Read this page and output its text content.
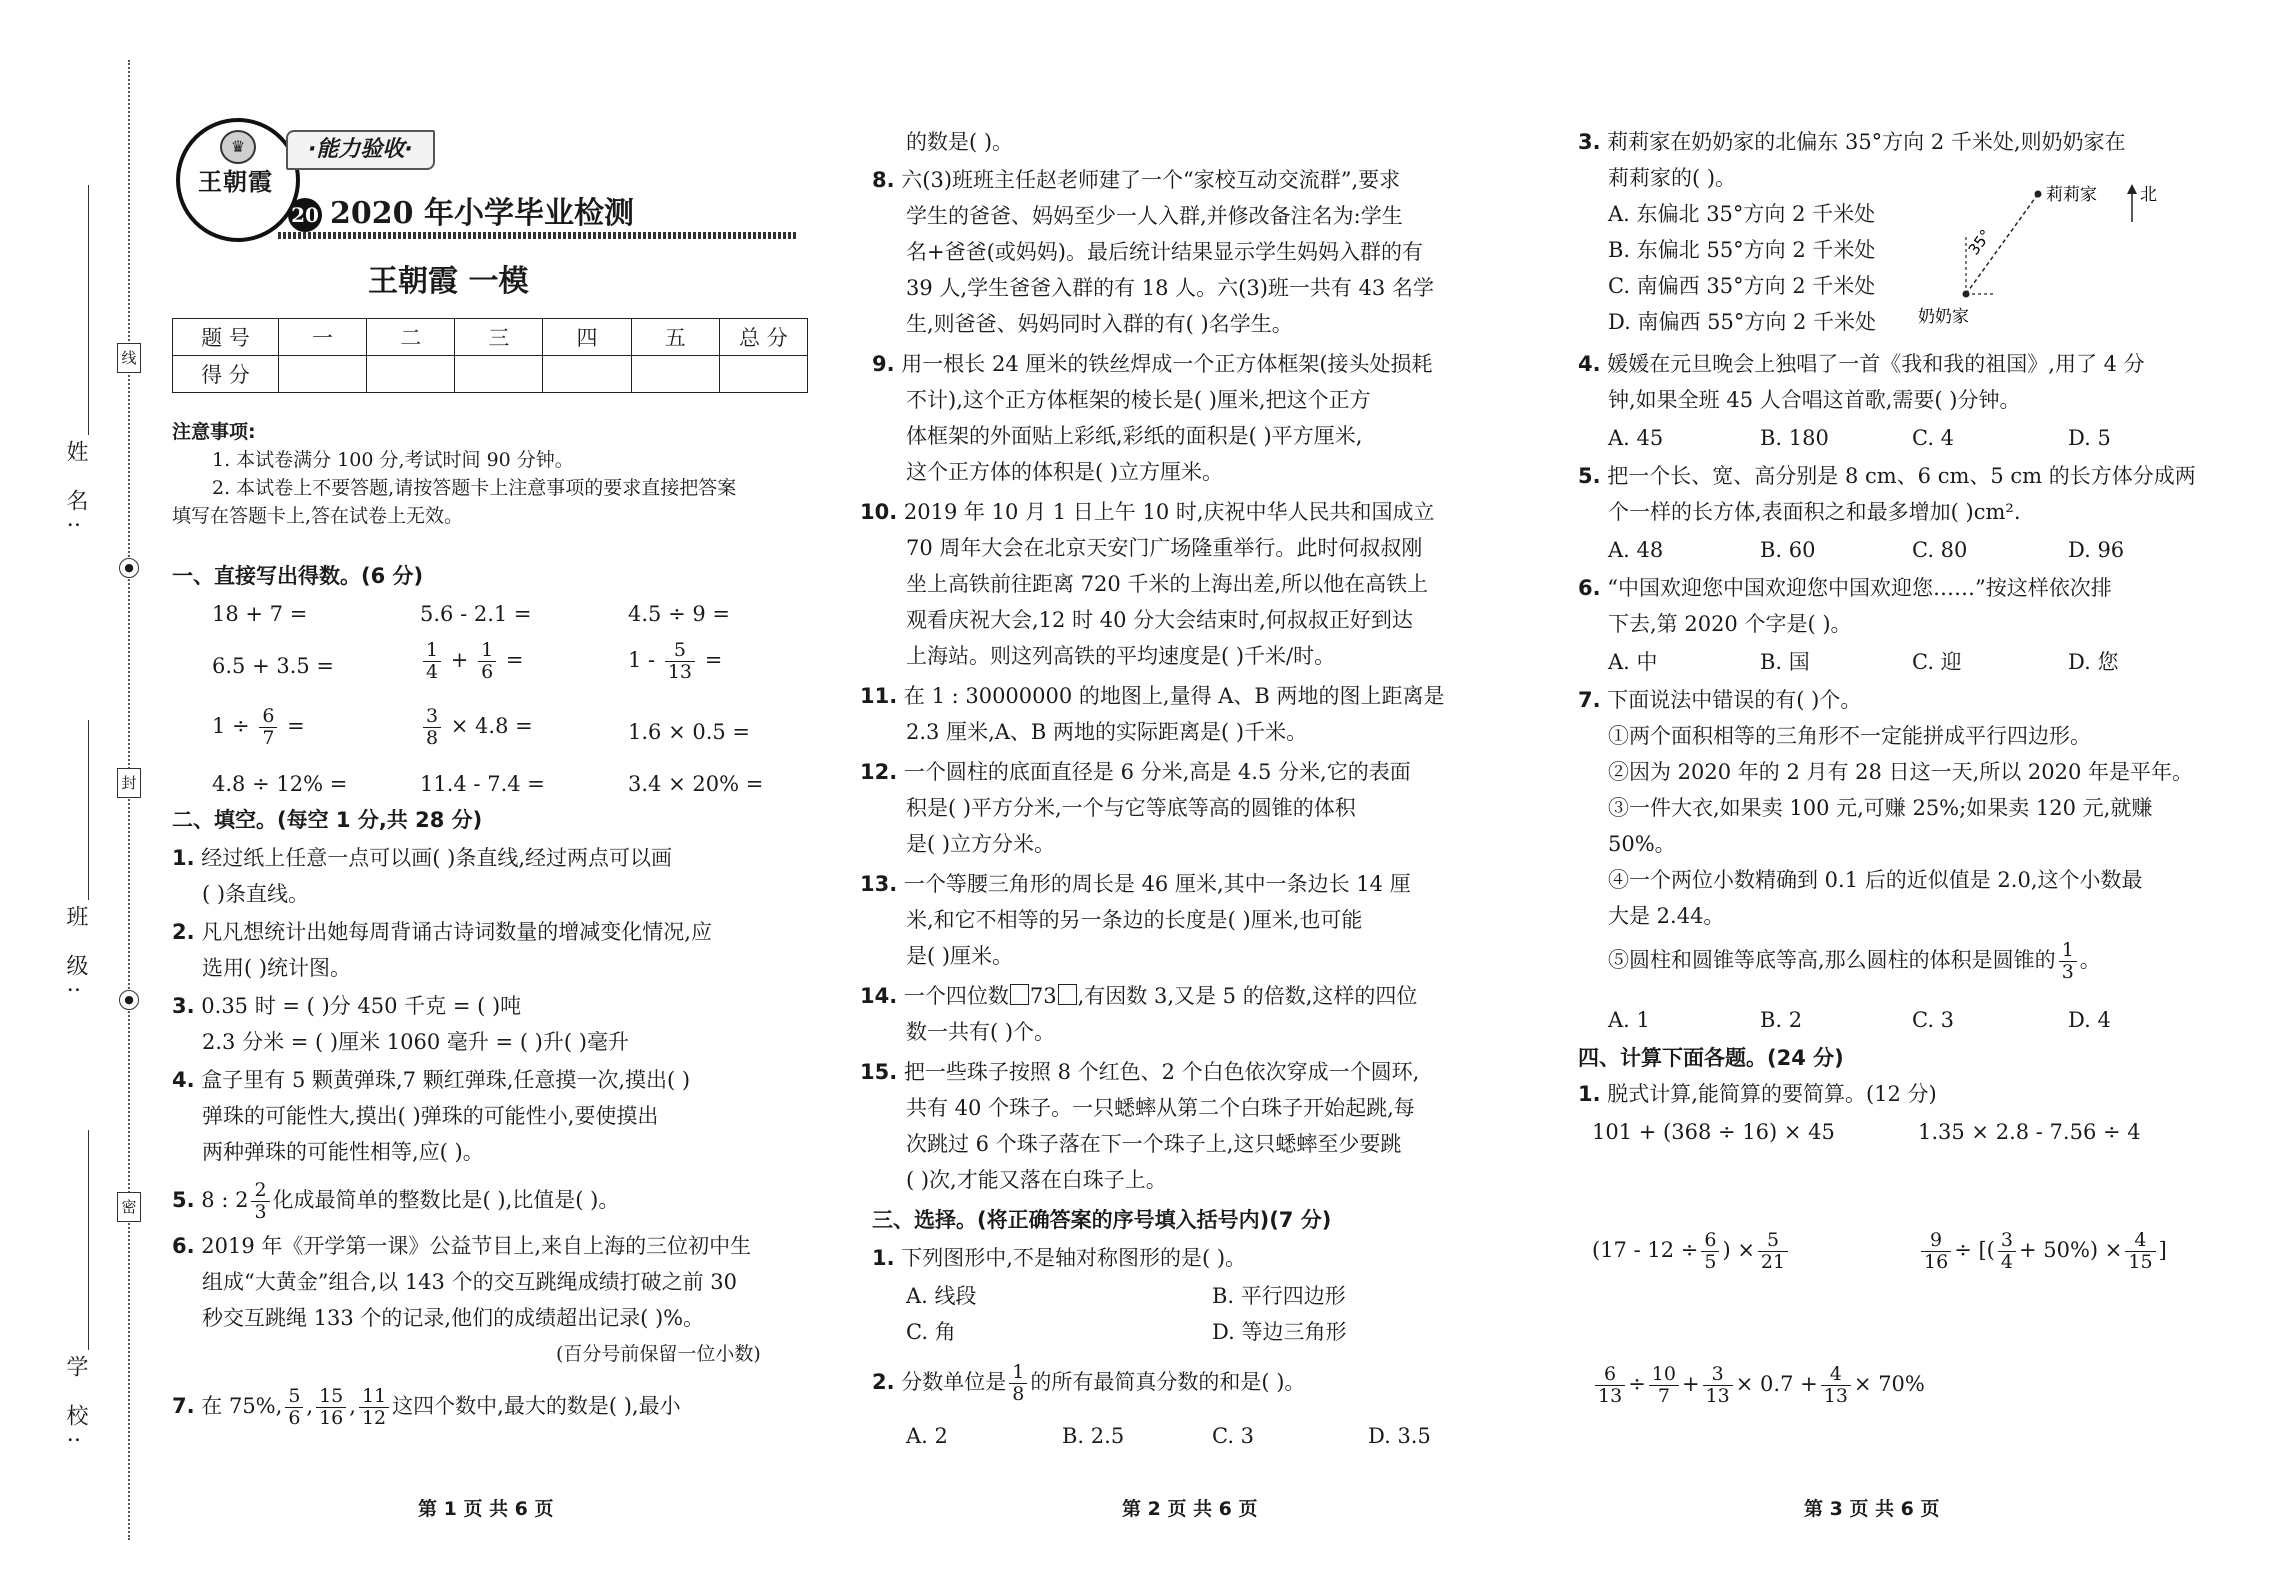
姓 名:
班 级:
学 校:
线
●
封
●
密
♛
王朝霞
·能力验收·
20 2020 年小学毕业检测
王朝霞 一模
题 号	一	二	三	四	五	总 分
得 分						
注意事项:
1. 本试卷满分 100 分,考试时间 90 分钟。
2. 本试卷上不要答题,请按答题卡上注意事项的要求直接把答案
填写在答题卡上,答在试卷上无效。
一、直接写出得数。(6 分)
18 + 7 =	5.6 - 2.1 =	4.5 ÷ 9 =
6.5 + 3.5 =	$\frac{1}{4} + \frac{1}{6}$ =	$1 - \frac{5}{13}$ =
$1 \div \frac{6}{7}$ =	$\frac{3}{8} \times 4.8$ =	1.6 × 0.5 =
4.8 ÷ 12% =	11.4 - 7.4 =	3.4 × 20% =
二、填空。(每空 1 分,共 28 分)
1. 经过纸上任意一点可以画( )条直线,经过两点可以画
( )条直线。
2. 凡凡想统计出她每周背诵古诗词数量的增减变化情况,应
选用( )统计图。
3. 0.35 时 = ( )分 450 千克 = ( )吨
2.3 分米 = ( )厘米 1060 毫升 = ( )升( )毫升
4. 盒子里有 5 颗黄弹珠,7 颗红弹珠,任意摸一次,摸出( )
弹珠的可能性大,摸出( )弹珠的可能性小,要使摸出
两种弹珠的可能性相等,应( )。
5. 8 : $2 \frac{2}{3}$ 化成最简单的整数比是( ),比值是( )。
6. 2019 年《开学第一课》公益节目上,来自上海的三位初中生
组成“大黄金”组合,以 143 个的交互跳绳成绩打破之前 30
秒交互跳绳 133 个的记录,他们的成绩超出记录( )%。
(百分号前保留一位小数)
7. 在 75%, $\frac{5}{6}$ , $\frac{15}{16}$ , $\frac{11}{12}$ 这四个数中,最大的数是( ),最小
第 1 页 共 6 页
的数是( )。
8. 六(3)班班主任赵老师建了一个“家校互动交流群”,要求
学生的爸爸、妈妈至少一人入群,并修改备注名为:学生
名+爸爸(或妈妈)。最后统计结果显示学生妈妈入群的有
39 人,学生爸爸入群的有 18 人。六(3)班一共有 43 名学
生,则爸爸、妈妈同时入群的有( )名学生。
9. 用一根长 24 厘米的铁丝焊成一个正方体框架(接头处损耗
不计),这个正方体框架的棱长是( )厘米,把这个正方
体框架的外面贴上彩纸,彩纸的面积是( )平方厘米,
这个正方体的体积是( )立方厘米。
10. 2019 年 10 月 1 日上午 10 时,庆祝中华人民共和国成立
70 周年大会在北京天安门广场隆重举行。此时何叔叔刚
坐上高铁前往距离 720 千米的上海出差,所以他在高铁上
观看庆祝大会,12 时 40 分大会结束时,何叔叔正好到达
上海站。则这列高铁的平均速度是( )千米/时。
11. 在 1 : 30000000 的地图上,量得 A、B 两地的图上距离是
2.3 厘米,A、B 两地的实际距离是( )千米。
12. 一个圆柱的底面直径是 6 分米,高是 4.5 分米,它的表面
积是( )平方分米,一个与它等底等高的圆锥的体积
是( )立方分米。
13. 一个等腰三角形的周长是 46 厘米,其中一条边长 14 厘
米,和它不相等的另一条边的长度是( )厘米,也可能
是( )厘米。
14. 一个四位数 73 ,有因数 3,又是 5 的倍数,这样的四位
数一共有( )个。
15. 把一些珠子按照 8 个红色、2 个白色依次穿成一个圆环,
共有 40 个珠子。一只蟋蟀从第二个白珠子开始起跳,每
次跳过 6 个珠子落在下一个珠子上,这只蟋蟀至少要跳
( )次,才能又落在白珠子上。
三、选择。(将正确答案的序号填入括号内)(7 分)
1. 下列图形中,不是轴对称图形的是( )。
A. 线段	B. 平行四边形
C. 角	D. 等边三角形
2. 分数单位是 $\frac{1}{8}$ 的所有最简真分数的和是( )。
A. 2	B. 2.5	C. 3	D. 3.5
第 2 页 共 6 页
3. 莉莉家在奶奶家的北偏东 35°方向 2 千米处,则奶奶家在
莉莉家的( )。
A. 东偏北 35°方向 2 千米处
B. 东偏北 55°方向 2 千米处
C. 南偏西 35°方向 2 千米处
D. 南偏西 55°方向 2 千米处
莉莉家	北
奶奶家
35°
4. 媛媛在元旦晚会上独唱了一首《我和我的祖国》,用了 4 分
钟,如果全班 45 人合唱这首歌,需要( )分钟。
A. 45	B. 180	C. 4	D. 5
5. 把一个长、宽、高分别是 8 cm、6 cm、5 cm 的长方体分成两
个一样的长方体,表面积之和最多增加( )cm².
A. 48	B. 60	C. 80	D. 96
6. “中国欢迎您中国欢迎您中国欢迎您……”按这样依次排
下去,第 2020 个字是( )。
A. 中	B. 国	C. 迎	D. 您
7. 下面说法中错误的有( )个。
①两个面积相等的三角形不一定能拼成平行四边形。
②因为 2020 年的 2 月有 28 日这一天,所以 2020 年是平年。
③一件大衣,如果卖 100 元,可赚 25%;如果卖 120 元,就赚
50%。
④一个两位小数精确到 0.1 后的近似值是 2.0,这个小数最
大是 2.44。
⑤圆柱和圆锥等底等高,那么圆柱的体积是圆锥的 $\frac{1}{3}$ 。
A. 1	B. 2	C. 3	D. 4
四、计算下面各题。(24 分)
1. 脱式计算,能简算的要简算。(12 分)
101 + (368 ÷ 16) × 45	1.35 × 2.8 - 7.56 ÷ 4
($17 - 12 \div \frac{6}{5}$ ) × $\frac{5}{21}$	$\frac{9}{16}$ ÷ [( $\frac{3}{4} + 50\%) \times \frac{4}{15}$ ]
$\frac{6}{13} \div \frac{10}{7} + \frac{3}{13} \times 0.7 + \frac{4}{13} \times 70\%$
第 3 页 共 6 页
